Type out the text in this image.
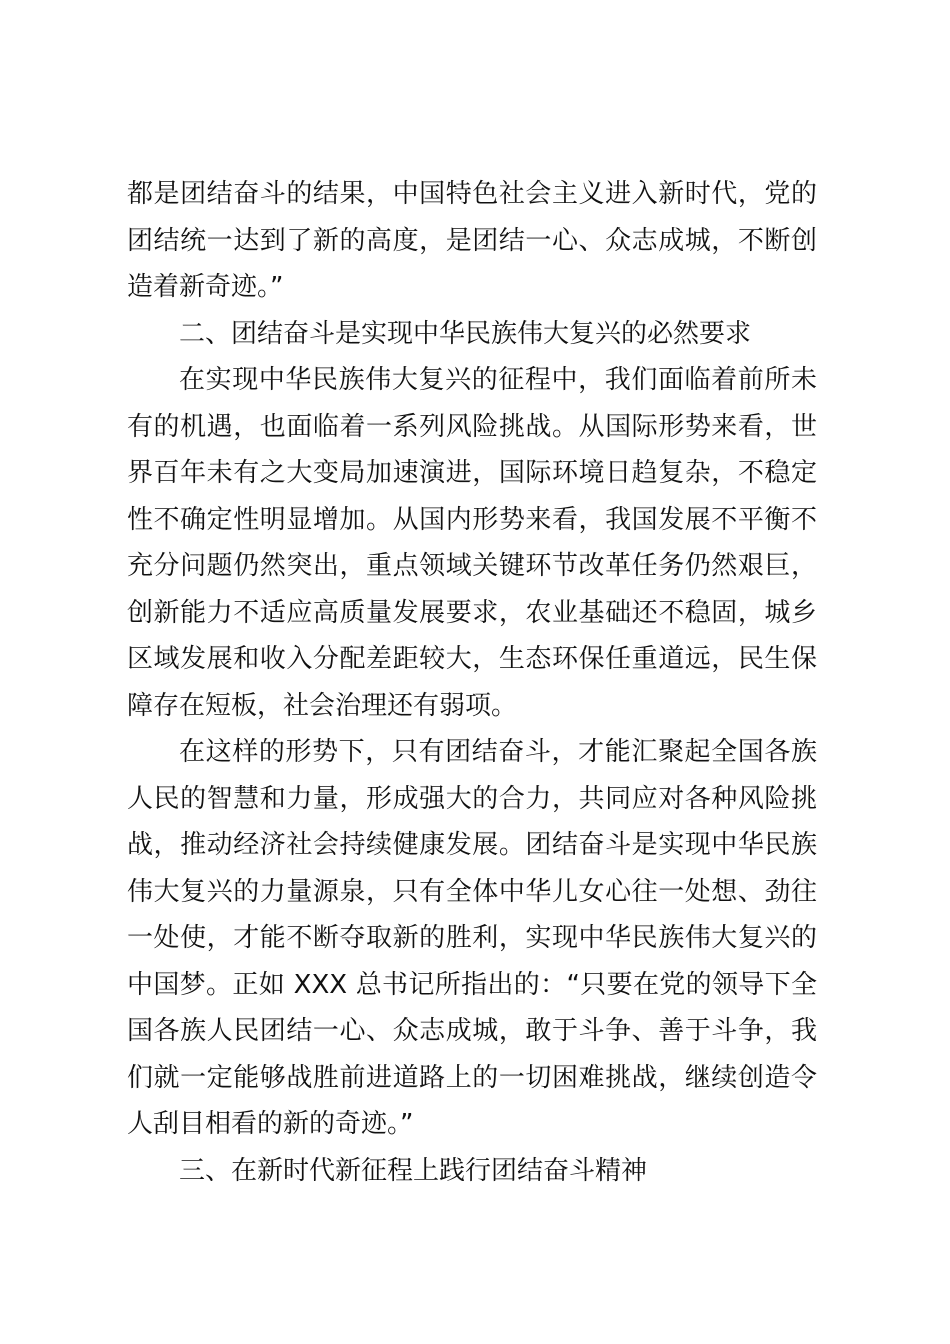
都是团结奋斗的结果，中国特色社会主义进入新时代，党的团结统一达到了新的高度，是团结一心、众志成城，不断创造着新奇迹。”

二、团结奋斗是实现中华民族伟大复兴的必然要求

在实现中华民族伟大复兴的征程中，我们面临着前所未有的机遇，也面临着一系列风险挑战。从国际形势来看，世界百年未有之大变局加速演进，国际环境日趋复杂，不稳定性不确定性明显增加。从国内形势来看，我国发展不平衡不充分问题仍然突出，重点领域关键环节改革任务仍然艰巨，创新能力不适应高质量发展要求，农业基础还不稳固，城乡区域发展和收入分配差距较大，生态环保任重道远，民生保障存在短板，社会治理还有弱项。

在这样的形势下，只有团结奋斗，才能汇聚起全国各族人民的智慧和力量，形成强大的合力，共同应对各种风险挑战，推动经济社会持续健康发展。团结奋斗是实现中华民族伟大复兴的力量源泉，只有全体中华儿女心往一处想、劲往一处使，才能不断夺取新的胜利，实现中华民族伟大复兴的中国梦。正如 XXX 总书记所指出的：“只要在党的领导下全国各族人民团结一心、众志成城，敢于斗争、善于斗争，我们就一定能够战胜前进道路上的一切困难挑战，继续创造令人刮目相看的新的奇迹。”

三、在新时代新征程上践行团结奋斗精神
